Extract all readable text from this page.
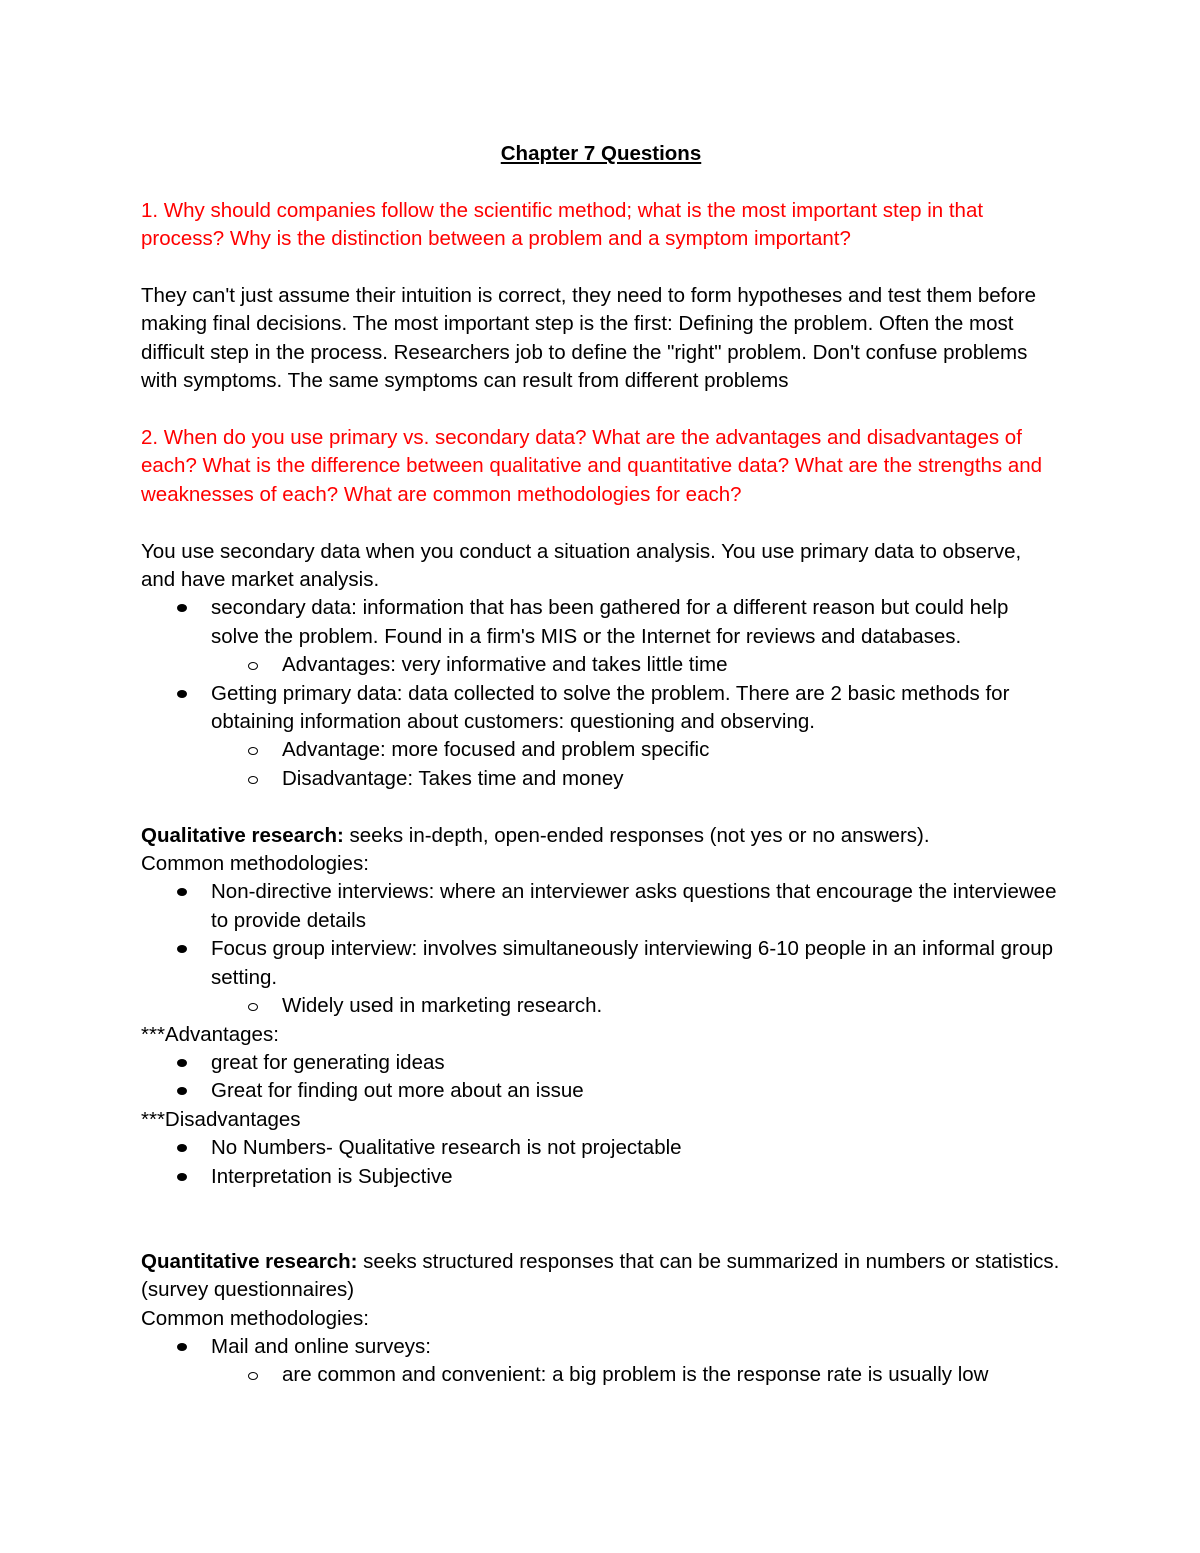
Chapter 7 Questions

1. Why should companies follow the scientific method; what is the most important step in that process? Why is the distinction between a problem and a symptom important?

They can't just assume their intuition is correct, they need to form hypotheses and test them before making final decisions. The most important step is the first: Defining the problem. Often the most difficult step in the process. Researchers job to define the "right" problem. Don't confuse problems with symptoms. The same symptoms can result from different problems

2. When do you use primary vs. secondary data? What are the advantages and disadvantages of each? What is the difference between qualitative and quantitative data? What are the strengths and weaknesses of each? What are common methodologies for each?

You use secondary data when you conduct a situation analysis. You use primary data to observe, and have market analysis.

secondary data: information that has been gathered for a different reason but could help solve the problem. Found in a firm's MIS or the Internet for reviews and databases.
Advantages: very informative and takes little time
Getting primary data: data collected to solve the problem. There are 2 basic methods for obtaining information about customers: questioning and observing.
Advantage: more focused and problem specific
Disadvantage: Takes time and money

Qualitative research: seeks in-depth, open-ended responses (not yes or no answers).

Common methodologies:

Non-directive interviews: where an interviewer asks questions that encourage the interviewee to provide details
Focus group interview: involves simultaneously interviewing 6-10 people in an informal group setting.
Widely used in marketing research.

***Advantages:

great for generating ideas
Great for finding out more about an issue

***Disadvantages

No Numbers- Qualitative research is not projectable
Interpretation is Subjective

Quantitative research: seeks structured responses that can be summarized in numbers or statistics. (survey questionnaires)

Common methodologies:

Mail and online surveys:
are common and convenient: a big problem is the response rate is usually low
